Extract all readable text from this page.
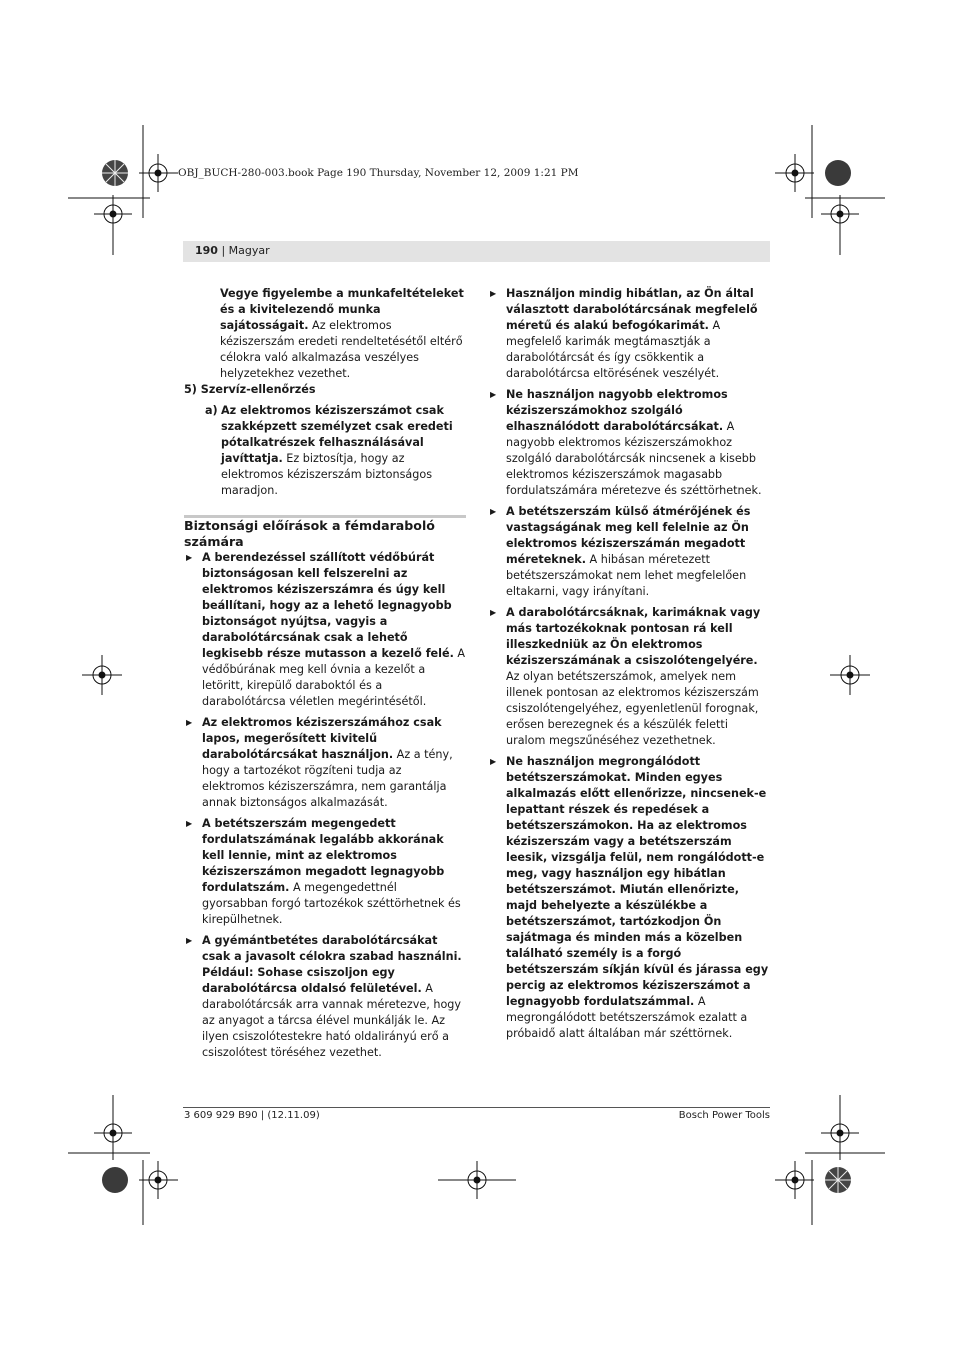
OBJ_BUCH-280-003.book Page 190 Thursday, November 12, 2009 1:21 PM
190 | Magyar

Vegye figyelembe a munkafeltételeket és a kivitelezendő munka sajátosságait. Az elektromos kéziszerszám eredeti rendeltetésétől eltérő célokra való alkalmazása veszélyes helyzetekhez vezethet.

5) Szervíz-ellenőrzés

a) Az elektromos kéziszerszámot csak szakképzett személyzet csak eredeti pótalkatrészek felhasználásával javíttatja. Ez biztosítja, hogy az elektromos kéziszerszám biztonságos maradjon.

Biztonsági előírások a fémdaraboló számára

▶ A berendezéssel szállított védőbúrát biztonságosan kell felszerelni az elektromos kéziszerszámra és úgy kell beállítani, hogy az a lehető legnagyobb biztonságot nyújtsa, vagyis a darabolótárcsának csak a lehető legkisebb része mutasson a kezelő felé. A védőbúrának meg kell óvnia a kezelőt a letöritt, kirepülő daraboktól és a darabolótárcsa véletlen megérintésétől.
▶ Az elektromos kéziszerszámához csak lapos, megerősített kivitelű darabolótárcsákat használjon. Az a tény, hogy a tartozékot rögzíteni tudja az elektromos kéziszerszámra, nem garantálja annak biztonságos alkalmazását.
▶ A betétszerszám megengedett fordulatszámának legalább akkorának kell lennie, mint az elektromos kéziszerszámon megadott legnagyobb fordulatszám. A megengedettnél gyorsabban forgó tartozékok széttörhetnek és kirepülhetnek.
▶ A gyémántbetétes darabolótárcsákat csak a javasolt célokra szabad használni. Például: Sohase csiszoljon egy darabolótárcsa oldalsó felületével. A darabolótárcsák arra vannak méretezve, hogy az anyagot a tárcsa élével munkálják le. Az ilyen csiszolótestekre ható oldalirányú erő a csiszolótest töréséhez vezethet.
▶ Használjon mindig hibátlan, az Ön által választott darabolótárcsának megfelelő méretű és alakú befogókarimát. A megfelelő karimák megtámasztják a darabolótárcsát és így csökkentik a darabolótárcsa eltörésének veszélyét.
▶ Ne használjon nagyobb elektromos kéziszerszámokhoz szolgáló elhasználódott darabolótárcsákat. A nagyobb elektromos kéziszerszámokhoz szolgáló darabolótárcsák nincsenek a kisebb elektromos kéziszerszámok magasabb fordulatszámára méretezve és széttörhetnek.
▶ A betétszerszám külső átmérőjének és vastagságának meg kell felelnie az Ön elektromos kéziszerszámán megadott méreteknek. A hibásan méretezett betétszerszámokat nem lehet megfelelően eltakarni, vagy irányítani.
▶ A darabolótárcsáknak, karimáknak vagy más tartozékoknak pontosan rá kell illeszkedniük az Ön elektromos kéziszerszámának a csiszolótengelyére. Az olyan betétszerszámok, amelyek nem illenek pontosan az elektromos kéziszerszám csiszolótengelyéhez, egyenletlenül forognak, erősen berezegnek és a készülék feletti uralom megszűnéséhez vezethetnek.
▶ Ne használjon megrongálódott betétszerszámokat. Minden egyes alkalmazás előtt ellenőrizze, nincsenek-e lepattant részek és repedések a betétszerszámokon. Ha az elektromos kéziszerszám vagy a betétszerszám leesik, vizsgálja felül, nem rongálódott-e meg, vagy használjon egy hibátlan betétszerszámot. Miután ellenőrizte, majd behelyezte a készülékbe a betétszerszámot, tartózkodjon Ön sajátmaga és minden más a közelben található személy is a forgó betétszerszám síkján kívül és járassa egy percig az elektromos kéziszerszámot a legnagyobb fordulatszámmal. A megrongálódott betétszerszámok ezalatt a próbaidő alatt általában már széttörnek.
3 609 929 B90 | (12.11.09)	Bosch Power Tools
